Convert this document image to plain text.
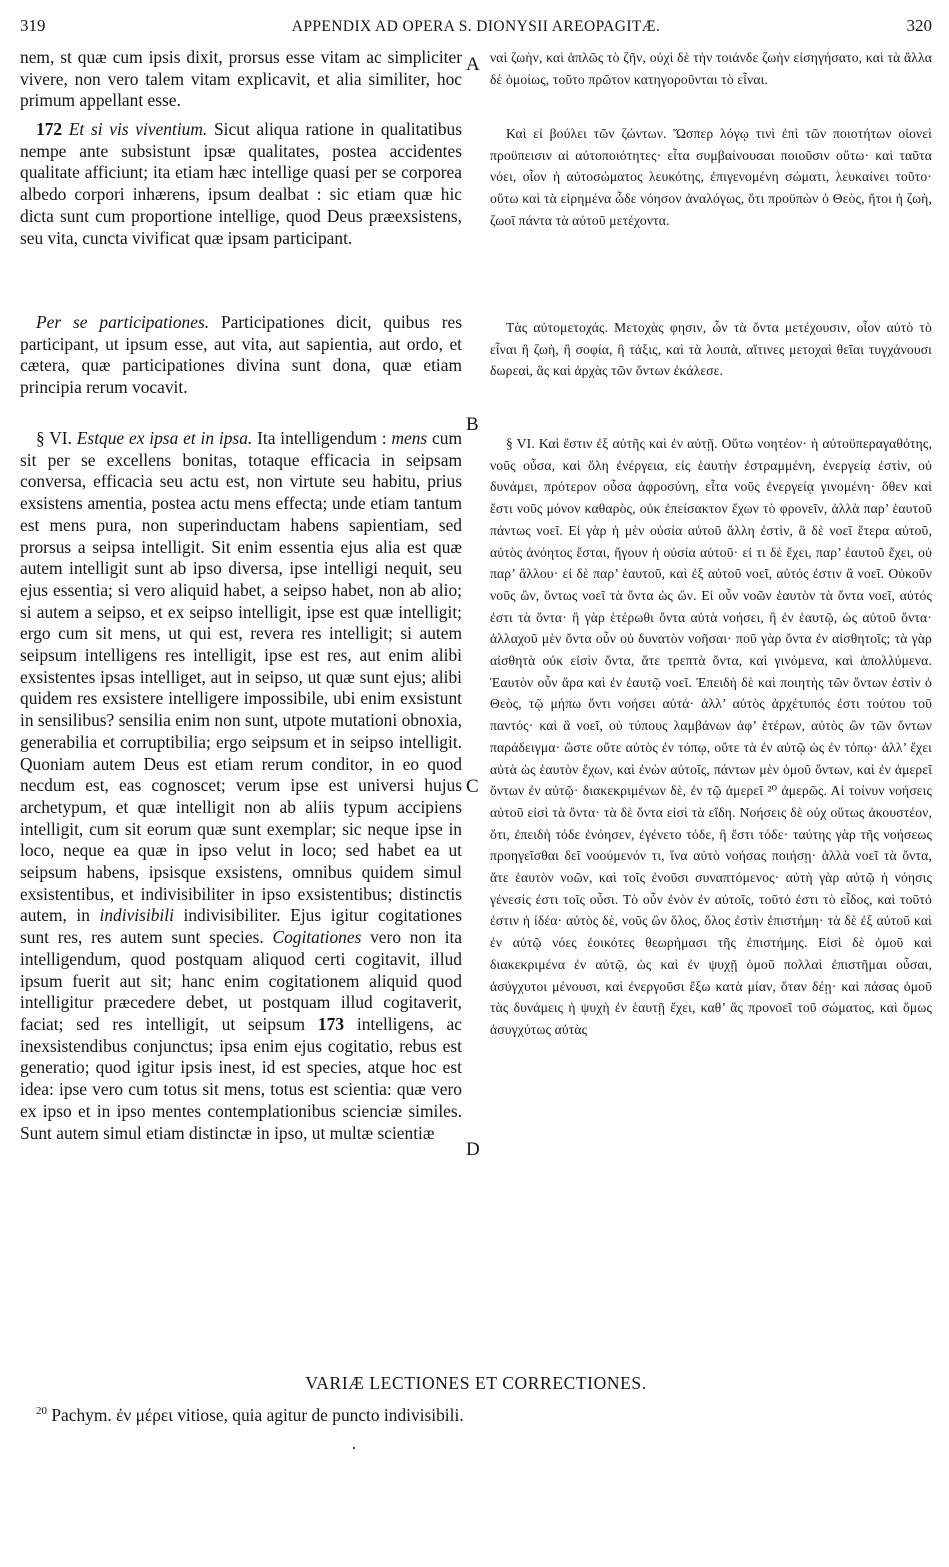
319	APPENDIX AD OPERA S. DIONYSII AREOPAGITÆ.	320

nem, st quæ cum ipsis dixit, prorsus esse vitam ac simpliciter vivere, non vero talem vitam explicavit, et alia similiter, hoc primum appellant esse.

172 Et si vis viventium. Sicut aliqua ratione in qualitatibus nempe ante subsistunt ipsæ qualitates, postea accidentes qualitate afficiunt; ita etiam hæc intellige quasi per se corporea albedo corpori inhærens, ipsum dealbat : sic etiam quæ hic dicta sunt cum proportione intellige, quod Deus præexsistens, seu vita, cuncta vivificat quæ ipsam participant.

Per se participationes. Participationes dicit, quibus res participant, ut ipsum esse, aut vita, aut sapientia, aut ordo, et cætera, quæ participationes divina sunt dona, quæ etiam principia rerum vocavit.

§ VI. Estque ex ipsa et in ipsa. Ita intelligendum : mens cum sit per se excellens bonitas, totaque efficacia in seipsam conversa, efficacia seu actu est, non virtute seu habitu, prius exsistens amentia, postea actu mens effecta; unde etiam tantum est mens pura, non superinductam habens sapientiam, sed prorsus a seipsa intelligit. Sit enim essentia ejus alia est quæ autem intelligit sunt ab ipso diversa, ipse intelligi nequit, seu ejus essentia; si vero aliquid habet, a seipso habet, non ab alio; si autem a seipso, et ex seipso intelligit, ipse est quæ intelligit; ergo cum sit mens, ut qui est, revera res intelligit; si autem seipsum intelligens res intelligit, ipse est res, aut enim alibi exsistentes ipsas intelliget, aut in seipso, ut quæ sunt ejus; alibi quidem res exsistere intelligere impossibile, ubi enim exsistunt in sensilibus? sensilia enim non sunt, utpote mutationi obnoxia, generabilia et corruptibilia; ergo seipsum et in seipso intelligit. Quoniam autem Deus est etiam rerum conditor, in eo quod necdum est, eas cognoscet; verum ipse est universi hujus archetypum, et quæ intelligit non ab aliis typum accipiens intelligit, cum sit eorum quæ sunt exemplar; sic neque ipse in loco, neque ea quæ in ipso velut in loco; sed habet ea ut seipsum habens, ipsisque exsistens, omnibus quidem simul exsistentibus, et indivisibiliter in ipso exsistentibus; distinctis autem, in indivisibili indivisibiliter. Ejus igitur cogitationes sunt res, res autem sunt species. Cogitationes vero non ita intelligendum, quod postquam aliquod certi cogitavit, illud ipsum fuerit aut sit; hanc enim cogitationem aliquid quod intelligitur præcedere debet, ut postquam illud cogitaverit, faciat; sed res intelligit, ut seipsum 173 intelligens, ac inexsistendibus conjunctus; ipsa enim ejus cogitatio, rebus est generatio; quod igitur ipsis inest, id est species, atque hoc est idea: ipse vero cum totus sit mens, totus est scientia: quæ vero ex ipso et in ipso mentes contemplationibus scienciæ similes. Sunt autem simul etiam distinctæ in ipso, ut multæ scientiæ

A
B
C
D

ναὶ ζωὴν, καὶ ἁπλῶς τὸ ζῆν, οὐχὶ δὲ τὴν τοιάνδε ζωὴν εἰσηγήσατο, καὶ τὰ ἄλλα δὲ ὁμοίως, τοῦτο πρῶτον κατηγοροῦνται τὸ εἶναι.

Καὶ εἰ βούλει τῶν ζώντων. Ὥσπερ λόγῳ τινὶ ἐπὶ τῶν ποιοτήτων οἱονεὶ προϋπεισιν αἱ αὐτοποιότητες· εἶτα συμβαίνουσαι ποιοῦσιν οὕτω· καὶ ταῦτα νόει, οἷον ἡ αὐτοσώματος λευκότης, ἐπιγενομένη σώματι, λευκαίνει τοῦτο· οὕτω καὶ τὰ εἰρημένα ὧδε νόησον ἀναλόγως, ὅτι προϋπὼν ὁ Θεὸς, ἤτοι ἡ ζωὴ, ζωοῖ πάντα τὰ αὐτοῦ μετέχοντα.

Τὰς αὐτομετοχάς. Μετοχὰς φησιν, ὧν τὰ ὄντα μετέχουσιν, οἷον αὐτὸ τὸ εἶναι ἢ ζωὴ, ἢ σοφία, ἢ τάξις, καὶ τὰ λοιπὰ, αἵτινες μετοχαὶ θεῖαι τυγχάνουσι δωρεαὶ, ἃς καὶ ἀρχὰς τῶν ὄντων ἐκάλεσε.

§ VI. Καὶ ἔστιν ἐξ αὐτῆς καὶ ἐν αὐτῇ. Οὕτω νοητέον· ἡ αὐτοϋπεραγαθότης, νοῦς οὖσα, καὶ ὅλη ἐνέργεια, εἰς ἑαυτὴν ἐστραμμένη, ἐνεργείᾳ ἐστὶν, οὐ δυνάμει, πρότερον οὖσα ἀφροσύνη, εἶτα νοῦς ἐνεργείᾳ γινομένη· ὅθεν καὶ ἔστι νοῦς μόνον καθαρὸς, οὐκ ἐπείσακτον ἔχων τὸ φρονεῖν, ἀλλὰ παρ’ ἑαυτοῦ πάντως νοεῖ. Εἰ γὰρ ἡ μὲν οὐσία αὐτοῦ ἄλλη ἐστὶν, ἃ δὲ νοεῖ ἕτερα αὐτοῦ, αὐτὸς ἀνόητος ἔσται, ἤγουν ἡ οὐσία αὐτοῦ· εἰ τι δὲ ἔχει, παρ’ ἑαυτοῦ ἔχει, οὐ παρ’ ἄλλου· εἰ δὲ παρ’ ἑαυτοῦ, καὶ ἐξ αὐτοῦ νοεῖ, αὐτός ἐστιν ἃ νοεῖ. Οὐκοῦν νοῦς ὢν, ὄντως νοεῖ τὰ ὄντα ὡς ὤν. Εἰ οὖν νοῶν ἑαυτὸν τὰ ὄντα νοεῖ, αὐτός ἐστι τὰ ὄντα· ἢ γὰρ ἑτέρωθι ὄντα αὐτὰ νοήσει, ἢ ἐν ἑαυτῷ, ὡς αὐτοῦ ὄντα· ἀλλαχοῦ μὲν ὄντα οὖν οὐ δυνατὸν νοῆσαι· ποῦ γὰρ ὄντα ἐν αἰσθητοῖς; τὰ γὰρ αἰσθητὰ οὐκ εἰσὶν ὄντα, ἅτε τρεπτὰ ὄντα, καὶ γινόμενα, καὶ ἀπολλύμενα. Ἑαυτὸν οὖν ἄρα καὶ ἐν ἑαυτῷ νοεῖ. Ἐπειδὴ δὲ καὶ ποιητὴς τῶν ὄντων ἐστὶν ὁ Θεὸς, τῷ μήπω ὄντι νοήσει αὐτά· ἀλλ’ αὐτὸς ἀρχέτυπός ἐστι τούτου τοῦ παντός· καὶ ἃ νοεῖ, οὐ τύπους λαμβάνων ἀφ’ ἑτέρων, αὐτὸς ὢν τῶν ὄντων παράδειγμα· ὥστε οὔτε αὐτὸς ἐν τόπῳ, οὔτε τὰ ἐν αὐτῷ ὡς ἐν τόπῳ· ἀλλ’ ἔχει αὐτὰ ὡς ἑαυτὸν ἔχων, καὶ ἐνὼν αὐτοῖς, πάντων μὲν ὁμοῦ ὄντων, καὶ ἐν ἀμερεῖ ὄντων ἐν αὐτῷ· διακεκριμένων δὲ, ἐν τῷ ἀμερεῖ ²⁰ ἀμερῶς. Αἱ τοίνυν νοήσεις αὐτοῦ εἰσὶ τὰ ὄντα· τὰ δὲ ὄντα εἰσὶ τὰ εἴδη. Νοήσεις δὲ οὐχ οὕτως ἀκουστέον, ὅτι, ἐπειδὴ τόδε ἐνόησεν, ἐγένετο τόδε, ἢ ἔστι τόδε· ταύτης γὰρ τῆς νοήσεως προηγεῖσθαι δεῖ νοούμενόν τι, ἵνα αὐτὸ νοήσας ποιήσῃ· ἀλλὰ νοεῖ τὰ ὄντα, ἅτε ἑαυτὸν νοῶν, καὶ τοῖς ἐνοῦσι συναπτόμενος· αὐτὴ γὰρ αὐτῷ ἡ νόησις γένεσίς ἐστι τοῖς οὖσι. Τὸ οὖν ἐνὸν ἐν αὐτοῖς, τοῦτό ἐστι τὸ εἶδος, καὶ τοῦτό ἐστιν ἡ ἰδέα· αὐτὸς δὲ, νοῦς ὢν ὅλος, ὅλος ἐστὶν ἐπιστήμη· τὰ δὲ ἐξ αὐτοῦ καὶ ἐν αὐτῷ νόες ἐοικότες θεωρήμασι τῆς ἐπιστήμης. Εἰσὶ δὲ ὁμοῦ καὶ διακεκριμένα ἐν αὐτῷ, ὡς καὶ ἐν ψυχῇ ὁμοῦ πολλαὶ ἐπιστῆμαι οὖσαι, ἀσύγχυτοι μένουσι, καὶ ἐνεργοῦσι ἔξω κατὰ μίαν, ὅταν δέῃ· καὶ πάσας ὁμοῦ τὰς δυνάμεις ἡ ψυχὴ ἐν ἑαυτῇ ἔχει, καθ’ ἃς προνοεῖ τοῦ σώματος, καὶ ὅμως ἀσυγχύτως αὐτὰς

VARIÆ LECTIONES ET CORRECTIONES.
$^{20}$ Pachym. ἐν μέρει vitiose, quia agitur de puncto indivisibili.
